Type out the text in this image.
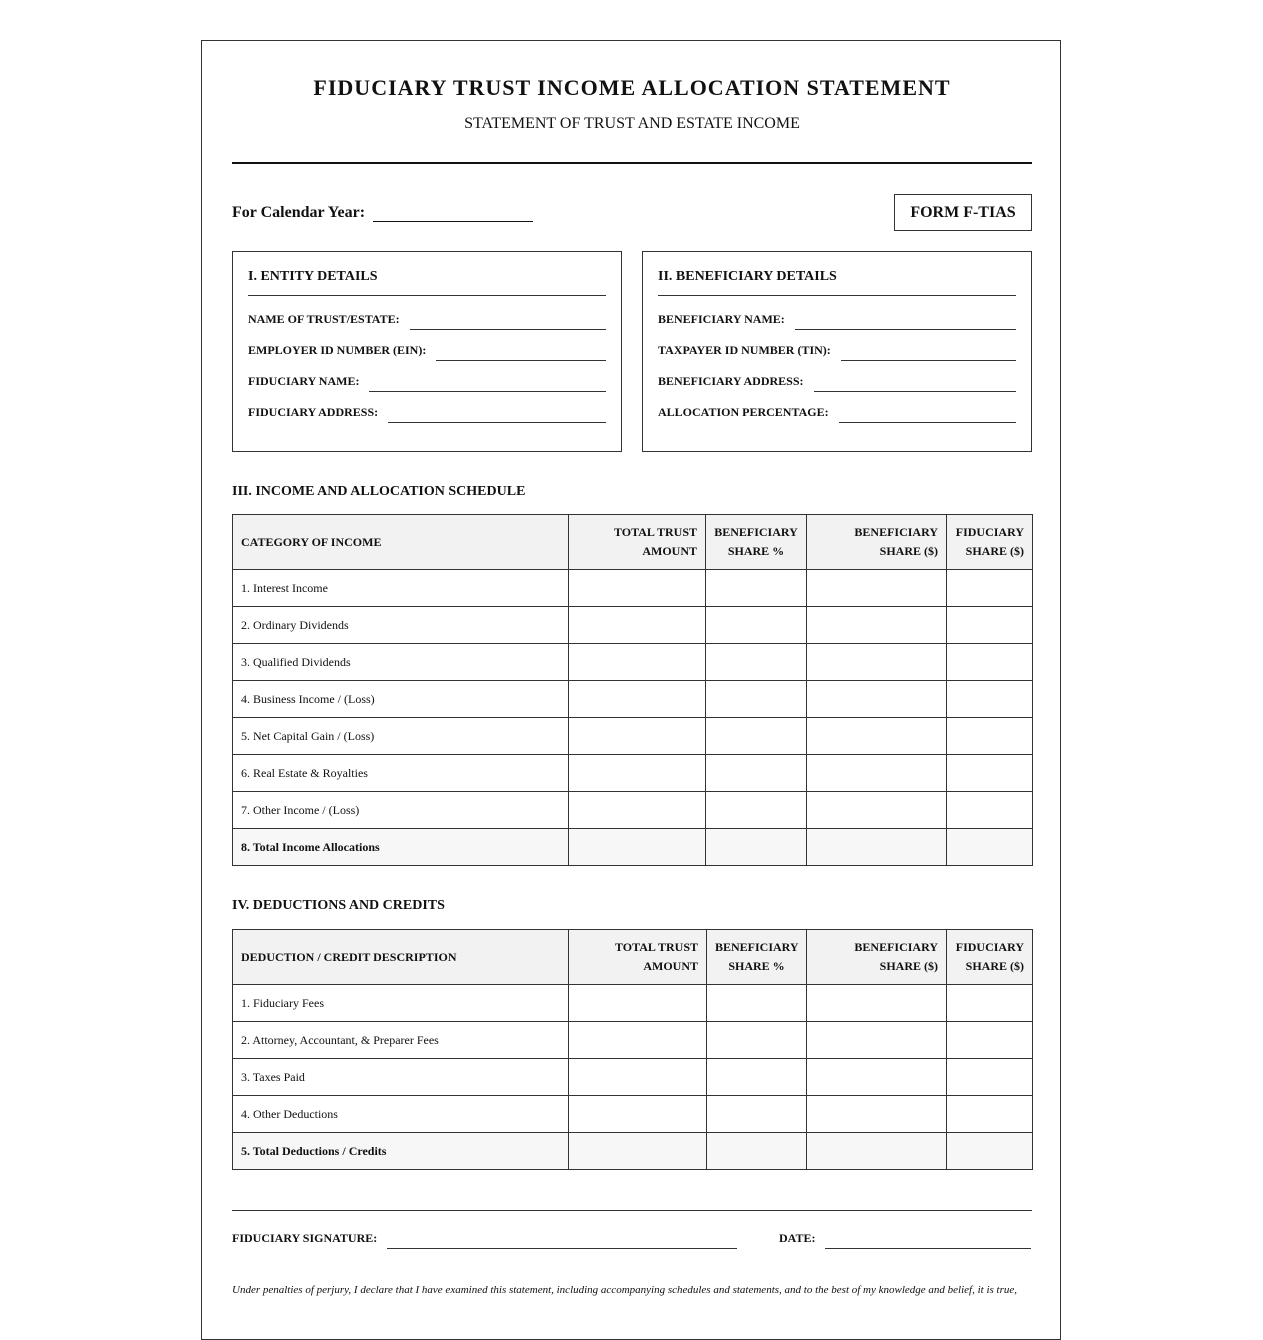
FIDUCIARY TRUST INCOME ALLOCATION STATEMENT
STATEMENT OF TRUST AND ESTATE INCOME
For Calendar Year:	FORM F-TIAS
I. ENTITY DETAILS
NAME OF TRUST/ESTATE:
EMPLOYER ID NUMBER (EIN):
FIDUCIARY NAME:
FIDUCIARY ADDRESS:
II. BENEFICIARY DETAILS
BENEFICIARY NAME:
TAXPAYER ID NUMBER (TIN):
BENEFICIARY ADDRESS:
ALLOCATION PERCENTAGE:
III. INCOME AND ALLOCATION SCHEDULE
CATEGORY OF INCOME	TOTAL TRUST AMOUNT	BENEFICIARY SHARE %	BENEFICIARY SHARE ($)	FIDUCIARY SHARE ($)
1. Interest Income				
2. Ordinary Dividends				
3. Qualified Dividends				
4. Business Income / (Loss)				
5. Net Capital Gain / (Loss)				
6. Real Estate & Royalties				
7. Other Income / (Loss)				
8. Total Income Allocations				
IV. DEDUCTIONS AND CREDITS
DEDUCTION / CREDIT DESCRIPTION	TOTAL TRUST AMOUNT	BENEFICIARY SHARE %	BENEFICIARY SHARE ($)	FIDUCIARY SHARE ($)
1. Fiduciary Fees				
2. Attorney, Accountant, & Preparer Fees				
3. Taxes Paid				
4. Other Deductions				
5. Total Deductions / Credits				
FIDUCIARY SIGNATURE:	DATE:
Under penalties of perjury, I declare that I have examined this statement, including accompanying schedules and statements, and to the best of my knowledge and belief, it is true,
